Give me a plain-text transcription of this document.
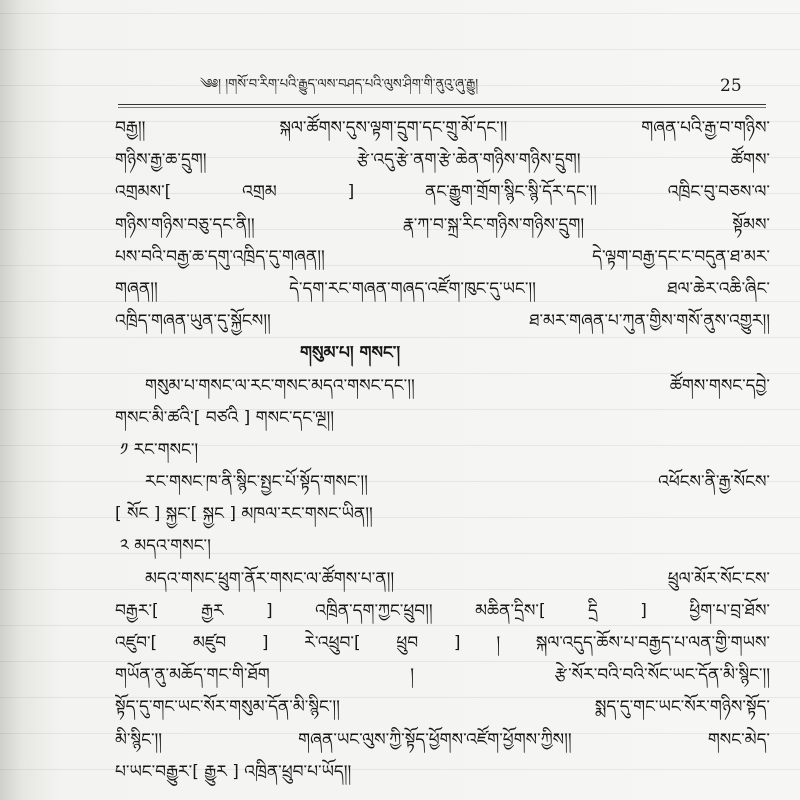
༄༅། །གསོ་བ་རིག་པའི་རྒྱུད་ལས་བཤད་པའི་ལུས་ཤིག་གི་ནུའུ་ཞུ་རྒྱུ།	25
བརྒྱ།། སྐལ་ཚོགས་དུས་ལྟག་དྲུག་དང་གྲུ་མོ་དང་།། གཞན་པའི་རྒྱ་བ་གཉིས་
གཉིས་རྒྱ་ཆ་དྲུག། རྩེ་འདུ་རྩེ་ནག་རྩེ་ཆེན་གཉིས་གཉིས་དྲུག། ཚོགས་
འགྲམས་[ འགྲམ ] ནང་རྒྱུག་གྲོག་སྙིང་སྙི་དོར་དང་།། འཁྲིང་བུ་བཅས་ལ་
གཉིས་གཉིས་བཅུ་དང་ནི།། རྣ་ཀ་བ་སྐྲ་རིང་གཉིས་གཉིས་དྲུག། སྟོམས་
པས་བའི་བརྒྱ་ཆ་དགུ་འཁྲིད་དུ་གཞན།། དེ་ལྟག་བརྒྱ་དང་ང་བདུན་ཐ་མར་
གཞན།། དེ་དག་རང་གཞན་གཞད་འཛོག་ཁུང་དུ་ཡང་།། ཐལ་ཆེར་འཆི་ཞིང་
འཁྲིད་གཞན་ཡུན་དུ་སྐྱོངས།། ཐ་མར་གཞན་པ་ཀུན་གྱིས་གསོ་ནུས་འགྱུར།།
གསུམ་པ། གསང་།
གསུམ་པ་གསང་ལ་རང་གསང་མདའ་གསང་དང་།། ཚོགས་གསང་དབྱེ་
གསང་མི་ཚའི་[ བཙའི ] གསང་དང་ལྔ།།
༡ རང་གསང་།
རང་གསང་ཁ་ནི་སྙིང་སྤྱང་པོ་སྟོད་གསང་།། འཕོངས་ནི་རྒྱ་སོངས་
[ སོང ] སྐྱང་[ སྐྱང ] མཁལ་རང་གསང་ཡིན།།
༢ མདའ་གསང་།
མདའ་གསང་ཕྲུག་ནོར་གསང་ལ་ཚོགས་པ་ན།། ཕྲུལ་མོར་སོང་ངས་
བརྒྱར་[ རྒྱར ] འཁྲིན་དག་ཀྱང་ཕྲུབ།། མཆིན་དྲིས་[ དྲི ] ཕྱིག་པ་བྲ་ཐོས་
འཛུབ་[ མཛུབ ] རེ་འཕྲུབ་[ ཕྲུབ ] ། སྐལ་འདུད་ཆོས་པ་བརྒྱད་པ་ལན་གྱི་གཡས་
གཡོན་ནུ་མཆོད་གང་གི་ཐོག ། རྩེ་སོར་བའི་བའི་སོང་ཡང་དོན་མི་སྙིང་།།
སྟོད་དུ་གང་ཡང་སོར་གསུམ་དོན་མི་སྙིང་།། སྨད་དུ་གང་ཡང་སོར་གཉིས་སྟོད་
མི་སྙིང་།། གཞན་ཡང་ལུས་ཀྱི་སྟོད་ཕྱོགས་འཛོག་ཕྱོགས་ཀྱིས།། གསང་མེད་
པ་ཡང་བརྒྱུར་[ རྒྱུར ] འཁྲིན་ཕྲུབ་པ་ཡོད།།
